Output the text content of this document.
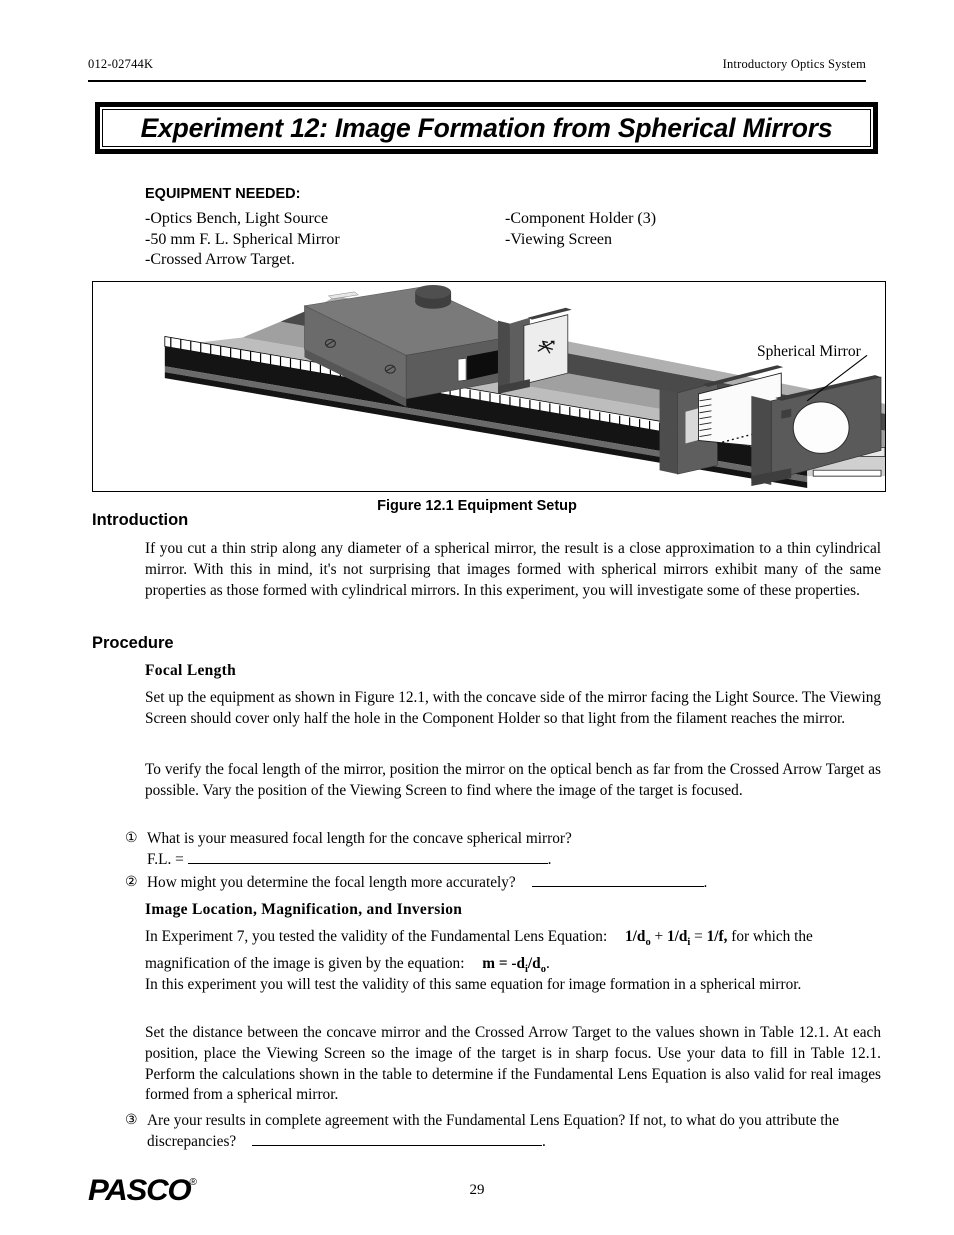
012-02744K	Introductory Optics System
Experiment 12: Image Formation from Spherical Mirrors
EQUIPMENT NEEDED:
-Optics Bench, Light Source	-Component Holder (3)
-50 mm F. L. Spherical Mirror	-Viewing Screen
-Crossed Arrow Target.
Spherical Mirror
Figure 12.1 Equipment Setup
Introduction
If you cut a thin strip along any diameter of a spherical mirror, the result is a close approximation to a thin cylindrical mirror. With this in mind, it's not surprising that images formed with spherical mirrors exhibit many of the same properties as those formed with cylindrical mirrors. In this experiment, you will investigate some of these properties.
Procedure
Focal Length
Set up the equipment as shown in Figure 12.1, with the concave side of the mirror facing the Light Source. The Viewing Screen should cover only half the hole in the Component Holder so that light from the filament reaches the mirror.
To verify the focal length of the mirror, position the mirror on the optical bench as far from the Crossed Arrow Target as possible. Vary the position of the Viewing Screen to find where the image of the target is focused.
① What is your measured focal length for the concave spherical mirror?
F.L. =	.
② How might you determine the focal length more accurately?	.
Image Location, Magnification, and Inversion
In Experiment 7, you tested the validity of the Fundamental Lens Equation: $1/d_o + 1/d_i = 1/f$, for which the magnification of the image is given by the equation: $m = -d_i/d_o$.
In this experiment you will test the validity of this same equation for image formation in a spherical mirror.
Set the distance between the concave mirror and the Crossed Arrow Target to the values shown in Table 12.1. At each position, place the Viewing Screen so the image of the target is in sharp focus. Use your data to fill in Table 12.1. Perform the calculations shown in the table to determine if the Fundamental Lens Equation is also valid for real images formed from a spherical mirror.
③ Are your results in complete agreement with the Fundamental Lens Equation? If not, to what do you attribute the discrepancies?	.
PASCO ®	29
